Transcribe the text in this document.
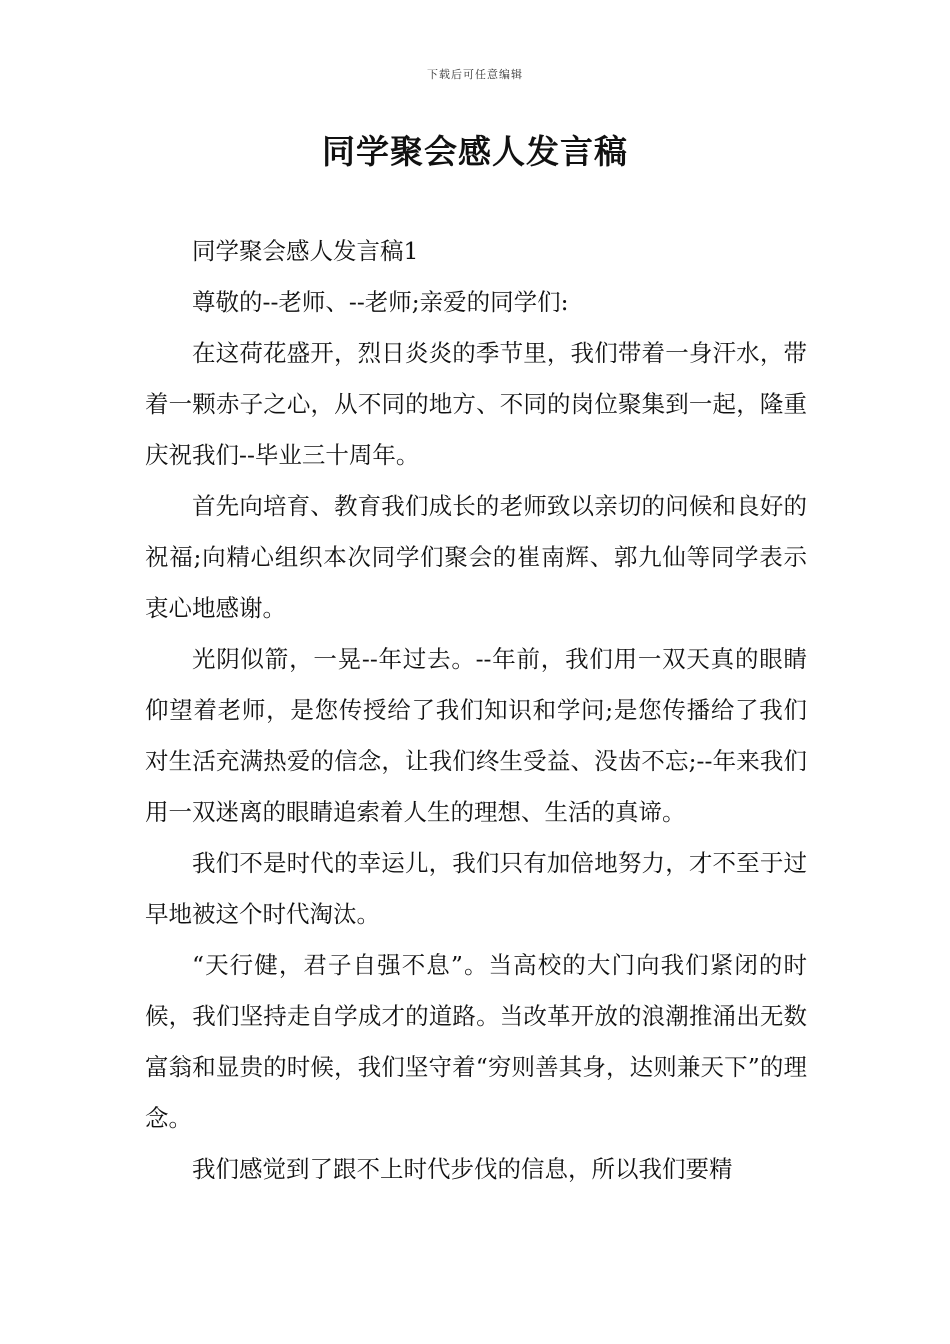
下载后可任意编辑
同学聚会感人发言稿

同学聚会感人发言稿1

尊敬的--老师、--老师;亲爱的同学们:

在这荷花盛开，烈日炎炎的季节里，我们带着一身汗水，带着一颗赤子之心，从不同的地方、不同的岗位聚集到一起，隆重庆祝我们--毕业三十周年。

首先向培育、教育我们成长的老师致以亲切的问候和良好的祝福;向精心组织本次同学们聚会的崔南辉、郭九仙等同学表示衷心地感谢。

光阴似箭，一晃--年过去。--年前，我们用一双天真的眼睛仰望着老师，是您传授给了我们知识和学问;是您传播给了我们对生活充满热爱的信念，让我们终生受益、没齿不忘;--年来我们用一双迷离的眼睛追索着人生的理想、生活的真谛。

我们不是时代的幸运儿，我们只有加倍地努力，才不至于过早地被这个时代淘汰。

“天行健，君子自强不息”。当高校的大门向我们紧闭的时候，我们坚持走自学成才的道路。当改革开放的浪潮推涌出无数富翁和显贵的时候，我们坚守着“穷则善其身，达则兼天下”的理念。

我们感觉到了跟不上时代步伐的信息，所以我们要精
